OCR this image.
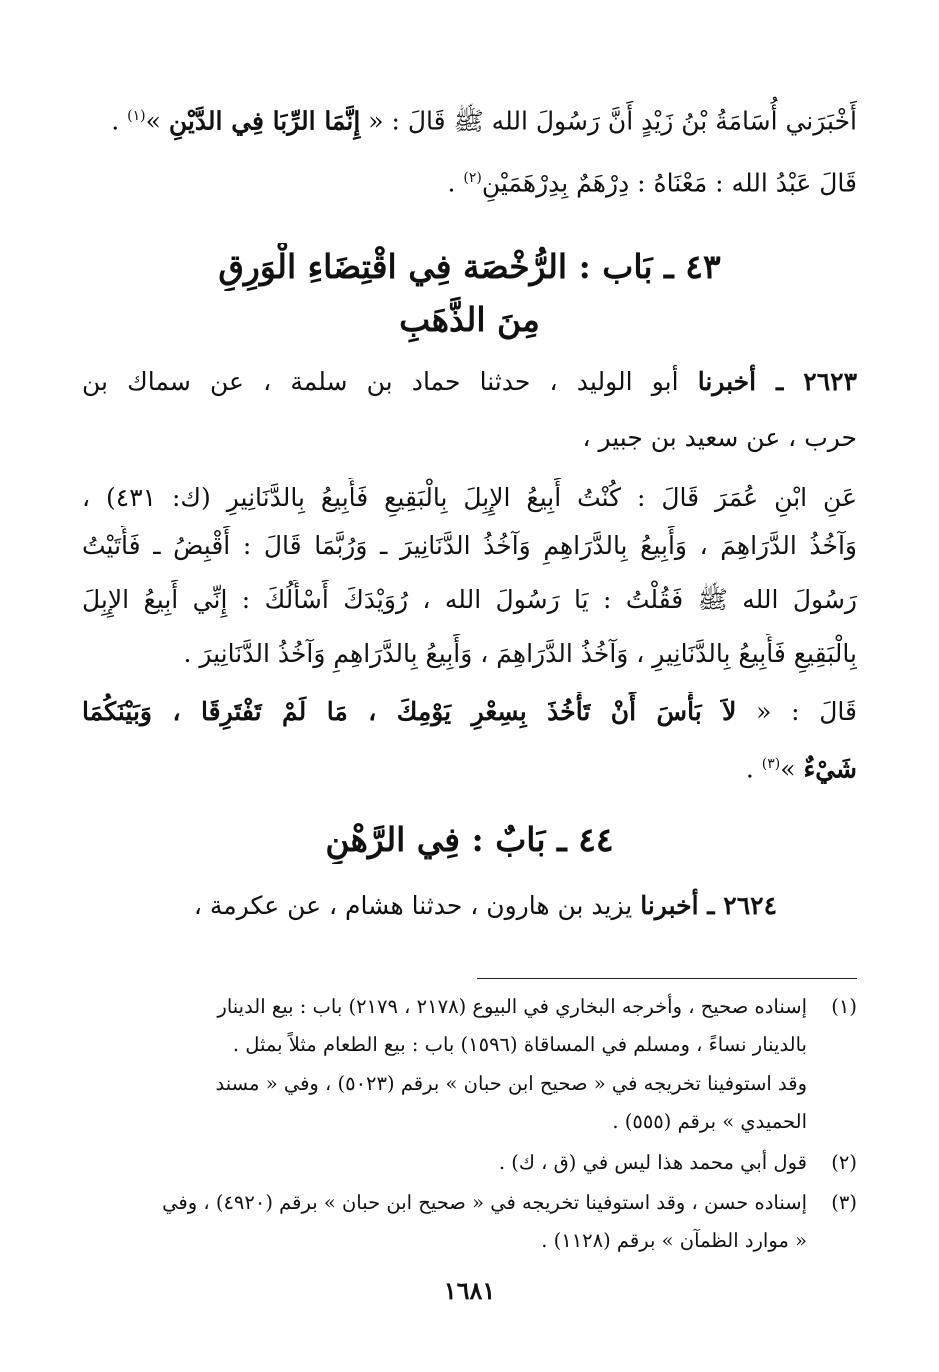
أَخْبَرَني أُسَامَةُ بْنُ زَيْدٍ أَنَّ رَسُولَ الله ﷺ قَالَ : « إِنَّمَا الرِّبَا فِي الدَّيْنِ »$^{(١)}$ .
قَالَ عَبْدُ الله : مَعْنَاهُ : دِرْهَمٌ بِدِرْهَمَيْنِ$^{(٢)}$ .
٤٣ ـ بَاب : الرُّخْصَة فِي اقْتِضَاءِ الْوَرِقِ
مِنَ الذَّهَبِ
٢٦٢٣ ـ أخبرنا أبو الوليد ، حدثنا حماد بن سلمة ، عن سماك بن
حرب ، عن سعيد بن جبير ،
عَنِ ابْنِ عُمَرَ قَالَ : كُنْتُ أَبِيعُ الإِبِلَ بِالْبَقِيعِ فَأَبِيعُ بِالدَّنَانِيرِ (ك: ٤٣١) ،
وَآخُذُ الدَّرَاهِمَ ، وَأَبِيعُ بِالدَّرَاهِمِ وَآخُذُ الدَّنَانِيرَ ـ وَرُبَّمَا قَالَ : أَقْبِضُ ـ فَأَتَيْتُ
رَسُولَ الله ﷺ فَقُلْتُ : يَا رَسُولَ الله ، رُوَيْدَكَ أَسْأَلُكَ : إِنِّي أَبِيعُ الإِبِلَ
بِالْبَقِيعِ فَأَبِيعُ بِالدَّنَانِيرِ ، وَآخُذُ الدَّرَاهِمَ ، وَأَبِيعُ بِالدَّرَاهِمِ وَآخُذُ الدَّنَانِيرَ .
قَالَ : « لاَ بَأْسَ أَنْ تَأْخُذَ بِسِعْرِ يَوْمِكَ ، مَا لَمْ تَفْتَرِقَا ، وَبَيْنَكُمَا
شَيْءٌ »$^{(٣)}$ .
٤٤ ـ بَابٌ : فِي الرَّهْنِ
٢٦٢٤ ـ أخبرنا يزيد بن هارون ، حدثنا هشام ، عن عكرمة ،
(١)
إسناده صحيح ، وأخرجه البخاري في البيوع (٢١٧٨ ، ٢١٧٩) باب : بيع الدينار
بالدينار نساءً ، ومسلم في المساقاة (١٥٩٦) باب : بيع الطعام مثلاً بمثل .
وقد استوفينا تخريجه في « صحيح ابن حبان » برقم (٥٠٢٣) ، وفي « مسند
الحميدي » برقم (٥٥٥) .
(٢)
قول أبي محمد هذا ليس في (ق ، ك) .
(٣)
إسناده حسن ، وقد استوفينا تخريجه في « صحيح ابن حبان » برقم (٤٩٢٠) ، وفي
« موارد الظمآن » برقم (١١٢٨) .
١٦٨١
